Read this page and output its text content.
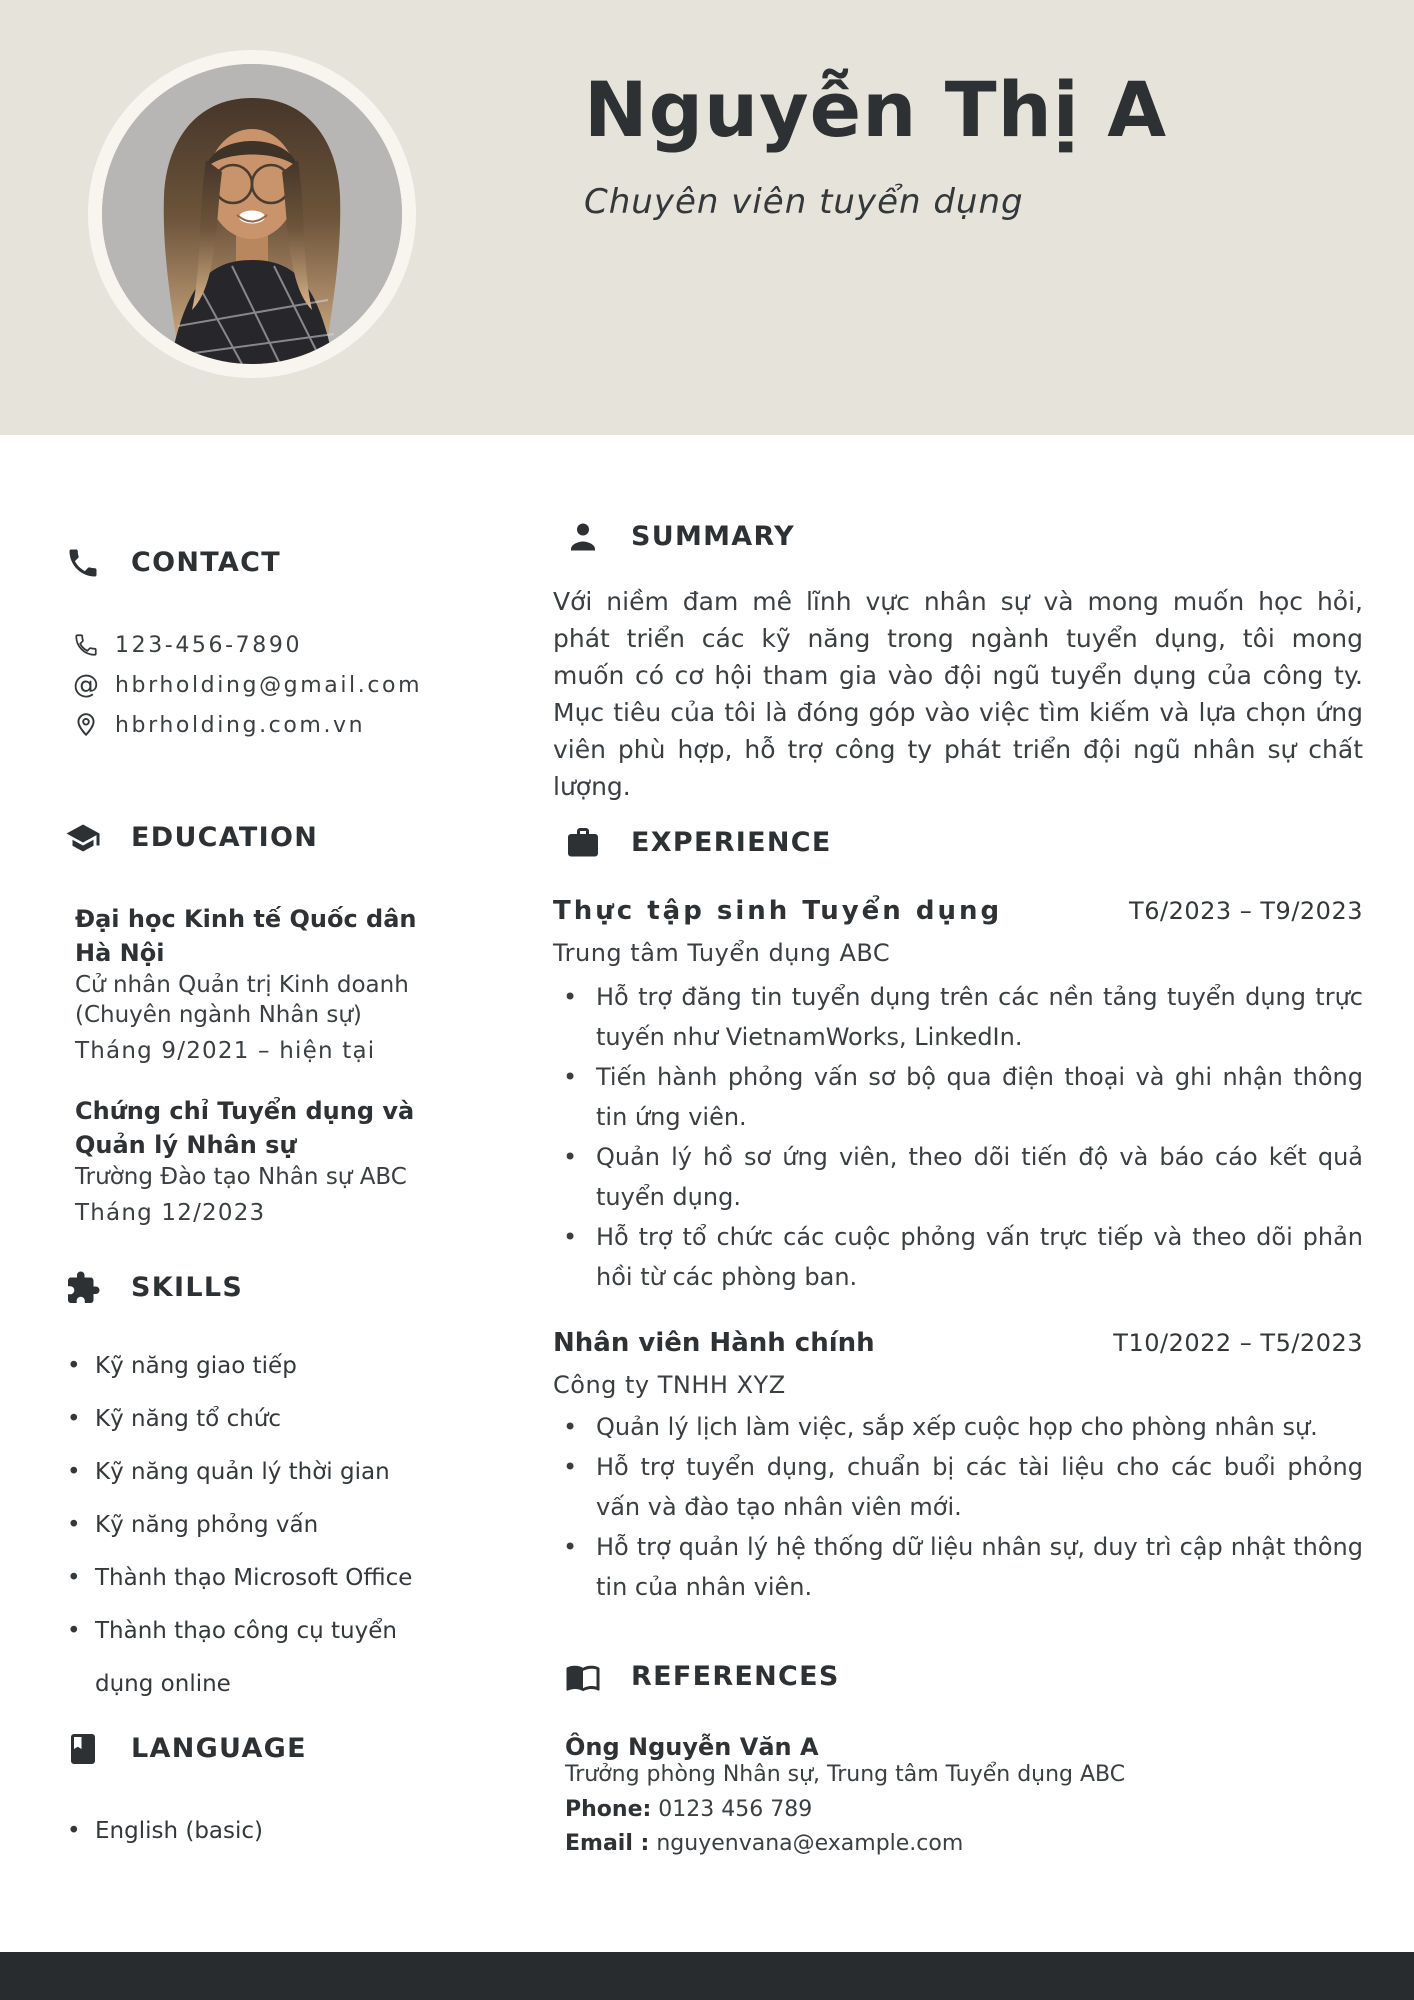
Nguyễn Thị A
Chuyên viên tuyển dụng
CONTACT
123-456-7890
@ hbrholding@gmail.com
hbrholding.com.vn
EDUCATION
Đại học Kinh tế Quốc dân Hà Nội
Cử nhân Quản trị Kinh doanh (Chuyên ngành Nhân sự)
Tháng 9/2021 – hiện tại
Chứng chỉ Tuyển dụng và Quản lý Nhân sự
Trường Đào tạo Nhân sự ABC
Tháng 12/2023
SKILLS
• Kỹ năng giao tiếp
• Kỹ năng tổ chức
• Kỹ năng quản lý thời gian
• Kỹ năng phỏng vấn
• Thành thạo Microsoft Office
• Thành thạo công cụ tuyển dụng online
LANGUAGE
• English (basic)
SUMMARY

Với niềm đam mê lĩnh vực nhân sự và mong muốn học hỏi, phát triển các kỹ năng trong ngành tuyển dụng, tôi mong muốn có cơ hội tham gia vào đội ngũ tuyển dụng của công ty. Mục tiêu của tôi là đóng góp vào việc tìm kiếm và lựa chọn ứng viên phù hợp, hỗ trợ công ty phát triển đội ngũ nhân sự chất lượng.

EXPERIENCE
Thực tập sinh Tuyển dụng	T6/2023 – T9/2023
Trung tâm Tuyển dụng ABC
• Hỗ trợ đăng tin tuyển dụng trên các nền tảng tuyển dụng trực tuyến như VietnamWorks, LinkedIn.
• Tiến hành phỏng vấn sơ bộ qua điện thoại và ghi nhận thông tin ứng viên.
• Quản lý hồ sơ ứng viên, theo dõi tiến độ và báo cáo kết quả tuyển dụng.
• Hỗ trợ tổ chức các cuộc phỏng vấn trực tiếp và theo dõi phản hồi từ các phòng ban.
Nhân viên Hành chính	T10/2022 – T5/2023
Công ty TNHH XYZ
• Quản lý lịch làm việc, sắp xếp cuộc họp cho phòng nhân sự.
• Hỗ trợ tuyển dụng, chuẩn bị các tài liệu cho các buổi phỏng vấn và đào tạo nhân viên mới.
• Hỗ trợ quản lý hệ thống dữ liệu nhân sự, duy trì cập nhật thông tin của nhân viên.
REFERENCES
Ông Nguyễn Văn A
Trưởng phòng Nhân sự, Trung tâm Tuyển dụng ABC
Phone: 0123 456 789
Email : nguyenvana@example.com
